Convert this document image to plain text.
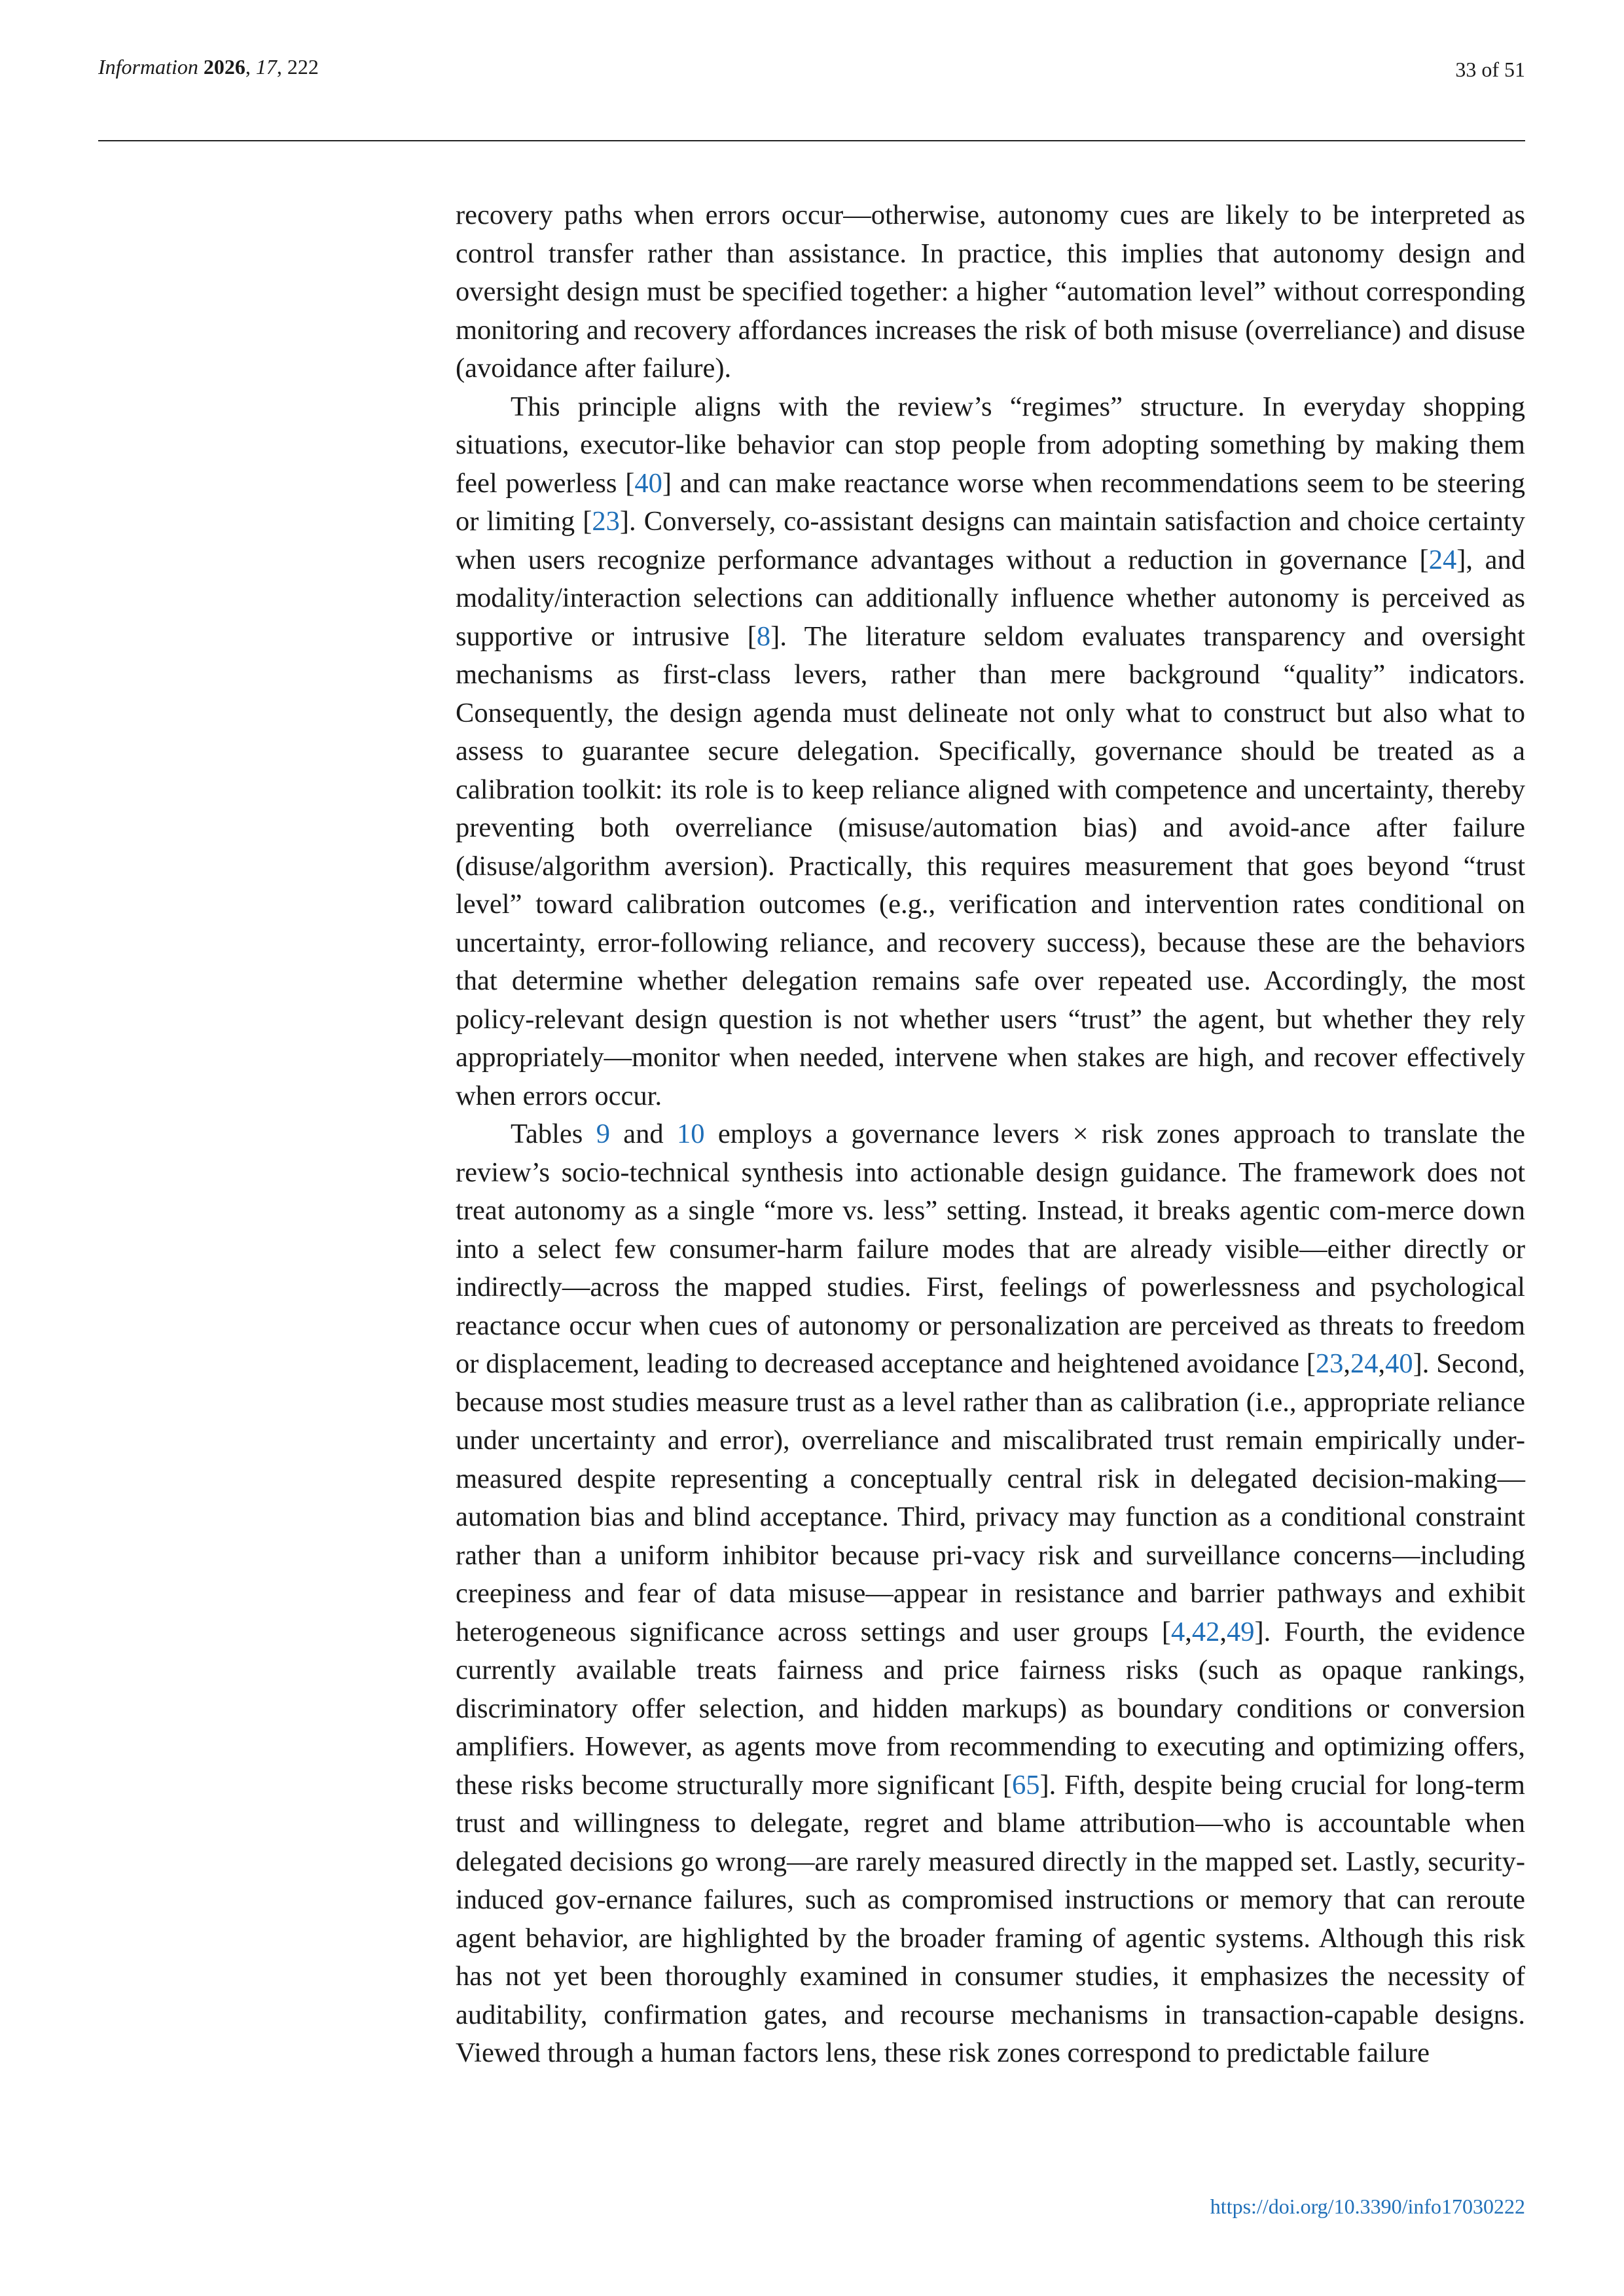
Information 2026, 17, 222	33 of 51

recovery paths when errors occur—otherwise, autonomy cues are likely to be interpreted as control transfer rather than assistance. In practice, this implies that autonomy design and oversight design must be specified together: a higher “automation level” without corresponding monitoring and recovery affordances increases the risk of both misuse (overreliance) and disuse (avoidance after failure).

This principle aligns with the review’s “regimes” structure. In everyday shopping situations, executor-like behavior can stop people from adopting something by making them feel powerless [40] and can make reactance worse when recommendations seem to be steering or limiting [23]. Conversely, co-assistant designs can maintain satisfaction and choice certainty when users recognize performance advantages without a reduction in governance [24], and modality/interaction selections can additionally influence whether autonomy is perceived as supportive or intrusive [8]. The literature seldom evaluates transparency and oversight mechanisms as first-class levers, rather than mere background “quality” indicators. Consequently, the design agenda must delineate not only what to construct but also what to assess to guarantee secure delegation. Specifically, governance should be treated as a calibration toolkit: its role is to keep reliance aligned with competence and uncertainty, thereby preventing both overreliance (misuse/automation bias) and avoid-ance after failure (disuse/algorithm aversion). Practically, this requires measurement that goes beyond “trust level” toward calibration outcomes (e.g., verification and intervention rates conditional on uncertainty, error-following reliance, and recovery success), because these are the behaviors that determine whether delegation remains safe over repeated use. Accordingly, the most policy-relevant design question is not whether users “trust” the agent, but whether they rely appropriately—monitor when needed, intervene when stakes are high, and recover effectively when errors occur.

Tables 9 and 10 employs a governance levers × risk zones approach to translate the review’s socio-technical synthesis into actionable design guidance. The framework does not treat autonomy as a single “more vs. less” setting. Instead, it breaks agentic com-merce down into a select few consumer-harm failure modes that are already visible—either directly or indirectly—across the mapped studies. First, feelings of powerlessness and psychological reactance occur when cues of autonomy or personalization are perceived as threats to freedom or displacement, leading to decreased acceptance and heightened avoidance [23,24,40]. Second, because most studies measure trust as a level rather than as calibration (i.e., appropriate reliance under uncertainty and error), overreliance and miscalibrated trust remain empirically under-measured despite representing a conceptually central risk in delegated decision-making—automation bias and blind acceptance. Third, privacy may function as a conditional constraint rather than a uniform inhibitor because pri-vacy risk and surveillance concerns—including creepiness and fear of data misuse—appear in resistance and barrier pathways and exhibit heterogeneous significance across settings and user groups [4,42,49]. Fourth, the evidence currently available treats fairness and price fairness risks (such as opaque rankings, discriminatory offer selection, and hidden markups) as boundary conditions or conversion amplifiers. However, as agents move from recommending to executing and optimizing offers, these risks become structurally more significant [65]. Fifth, despite being crucial for long-term trust and willingness to delegate, regret and blame attribution—who is accountable when delegated decisions go wrong—are rarely measured directly in the mapped set. Lastly, security-induced gov-ernance failures, such as compromised instructions or memory that can reroute agent behavior, are highlighted by the broader framing of agentic systems. Although this risk has not yet been thoroughly examined in consumer studies, it emphasizes the necessity of auditability, confirmation gates, and recourse mechanisms in transaction-capable designs. Viewed through a human factors lens, these risk zones correspond to predictable failure

https://doi.org/10.3390/info17030222
